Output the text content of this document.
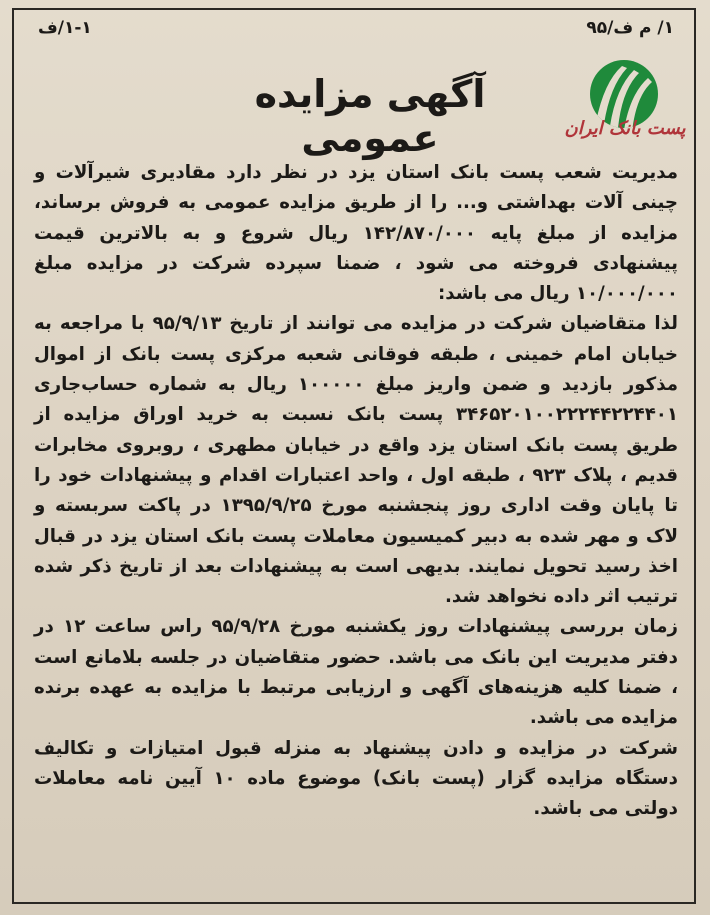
۱-۱/ف	۱/ م ف/۹۵
آگهی مزایده عمومی	پست بانک ایران

مدیریت شعب پست بانک استان یزد در نظر دارد مقادیری شیرآلات و چینی آلات بهداشتی و... را از طریق مزایده عمومی به فروش برساند، مزایده از مبلغ پایه ۱۴۲/۸۷۰/۰۰۰ ریال شروع و به بالاترین قیمت پیشنهادی فروخته می شود ، ضمنا سپرده شرکت در مزایده مبلغ ۱۰/۰۰۰/۰۰۰ ریال می باشد:

لذا متقاضیان شرکت در مزایده می توانند از تاریخ ۹۵/۹/۱۳ با مراجعه به خیابان امام خمینی ، طبقه فوقانی شعبه مرکزی پست بانک از اموال مذکور بازدید و ضمن واریز مبلغ ۱۰۰۰۰۰ ریال به شماره حساب‌جاری ۳۴۶۵۲۰۱۰۰۲۲۲۴۴۲۲۴۴۰۱ پست بانک نسبت به خرید اوراق مزایده از طریق پست بانک استان یزد واقع در خیابان مطهری ، روبروی مخابرات قدیم ، پلاک ۹۲۳ ، طبقه اول ، واحد اعتبارات اقدام و پیشنهادات خود را تا پایان وقت اداری روز پنجشنبه مورخ ۱۳۹۵/۹/۲۵ در پاکت سربسته و لاک و مهر شده به دبیر کمیسیون معاملات پست بانک استان یزد در قبال اخذ رسید تحویل نمایند. بدیهی است به پیشنهادات بعد از تاریخ ذکر شده ترتیب اثر داده نخواهد شد.

زمان بررسی پیشنهادات روز یکشنبه مورخ ۹۵/۹/۲۸ راس ساعت ۱۲ در دفتر مدیریت این بانک می باشد. حضور متقاضیان در جلسه بلامانع است ، ضمنا کلیه هزینه‌های آگهی و ارزیابی مرتبط با مزایده به عهده برنده مزایده می باشد.

شرکت در مزایده و دادن پیشنهاد به منزله قبول امتیازات و تکالیف دستگاه مزایده گزار (پست بانک) موضوع ماده ۱۰ آیین نامه معاملات دولتی می باشد.
